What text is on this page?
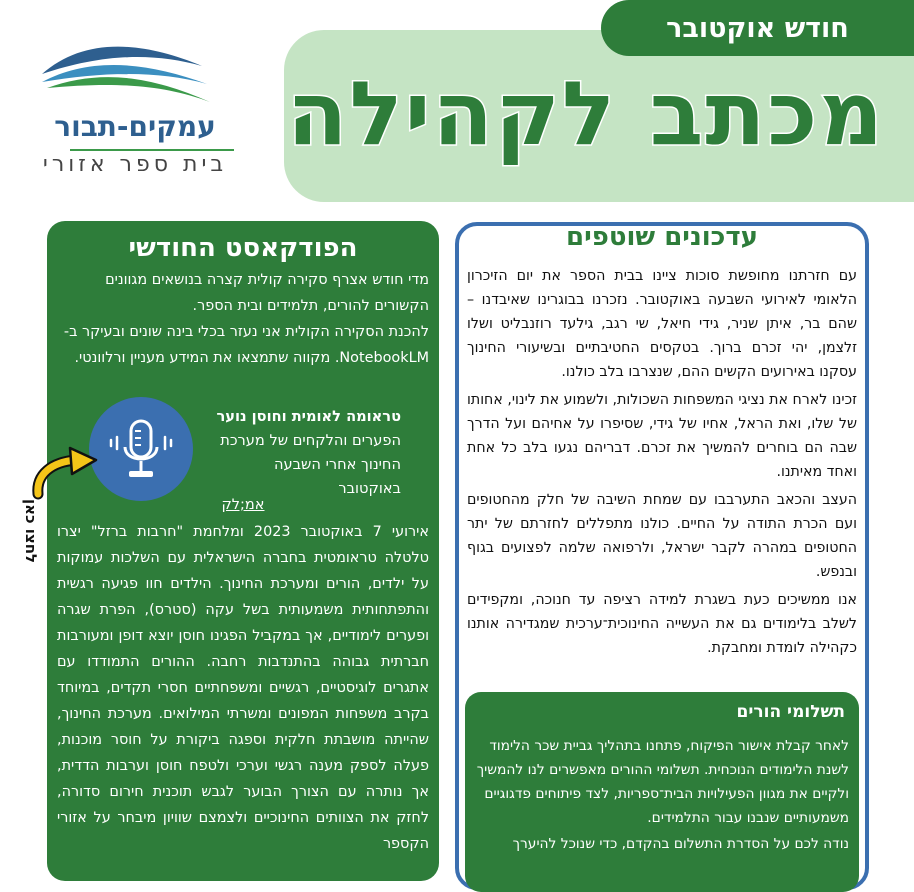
חודש אוקטובר
מכתב לקהילה
עמקים-תבור
בית ספר אזורי
עדכונים שוטפים

עם חזרתנו מחופשת סוכות ציינו בבית הספר את יום הזיכרון הלאומי לאירועי השבעה באוקטובר. נזכרנו בבוגרינו שאיבדנו – שהם בר, איתן שניר, גידי חיאל, שי רגב, גילעד רוזנבליט ושלו זלצמן, יהי זכרם ברוך. בטקסים החטיבתיים ובשיעורי החינוך עסקנו באירועים הקשים ההם, שנצרבו בלב כולנו.

זכינו לארח את נציגי המשפחות השכולות, ולשמוע את לינוי, אחותו של שלו, ואת הראל, אחיו של גידי, שסיפרו על אחיהם ועל הדרך שבה הם בוחרים להמשיך את זכרם. דבריהם נגעו בלב כל אחת ואחד מאיתנו.

העצב והכאב התערבבו עם שמחת השיבה של חלק מהחטופים ועם הכרת התודה על החיים. כולנו מתפללים לחזרתם של יתר החטופים במהרה לקבר ישראל, ולרפואה שלמה לפצועים בגוף ובנפש.

אנו ממשיכים כעת בשגרת למידה רציפה עד חנוכה, ומקפידים לשלב בלימודים גם את העשייה החינוכית־ערכית שמגדירה אותנו כקהילה לומדת ומחבקת.

תשלומי הורים

לאחר קבלת אישור הפיקוח, פתחנו בתהליך גביית שכר הלימוד לשנת הלימודים הנוכחית. תשלומי ההורים מאפשרים לנו להמשיך ולקיים את מגוון הפעילויות הבית־ספריות, לצד פיתוחים פדגוגיים משמעותיים שנבנו עבור התלמידים.

נודה לכם על הסדרת התשלום בהקדם, כדי שנוכל להיערך

הפודקאסט החודשי

מדי חודש אצרף סקירה קולית קצרה בנושאים מגוונים הקשורים להורים, תלמידים ובית הספר.

להכנת הסקירה הקולית אני נעזר בכלי בינה שונים ובעיקר ב- NotebookLM. מקווה שתמצאו את המידע מעניין ורלוונטי.

טראומה לאומית וחוסן נוער
הפערים והלקחים של מערכת החינוך אחרי השבעה באוקטובר
אמ;לק
אירועי 7 באוקטובר 2023 ומלחמת "חרבות ברזל" יצרו טלטלה טראומטית בחברה הישראלית עם השלכות עמוקות על ילדים, הורים ומערכת החינוך. הילדים חוו פגיעה רגשית והתפתחותית משמעותית בשל עקה (סטרס), הפרת שגרה ופערים לימודיים, אך במקביל הפגינו חוסן יוצא דופן ומעורבות חברתית גבוהה בהתנדבות רחבה. ההורים התמודדו עם אתגרים לוגיסטיים, רגשיים ומשפחתיים חסרי תקדים, במיוחד בקרב משפחות המפונים ומשרתי המילואים. מערכת החינוך, שהייתה מושבתת חלקית וספגה ביקורת על חוסר מוכנות, פעלה לספק מענה רגשי וערכי ולטפח חוסן וערבות הדדית, אך נותרה עם הצורך הבוער לגבש תוכנית חירום סדורה, לחזק את הצוותים החינוכיים ולצמצם שוויון מיבחר על אזורי הקספר
לחצו כאן
